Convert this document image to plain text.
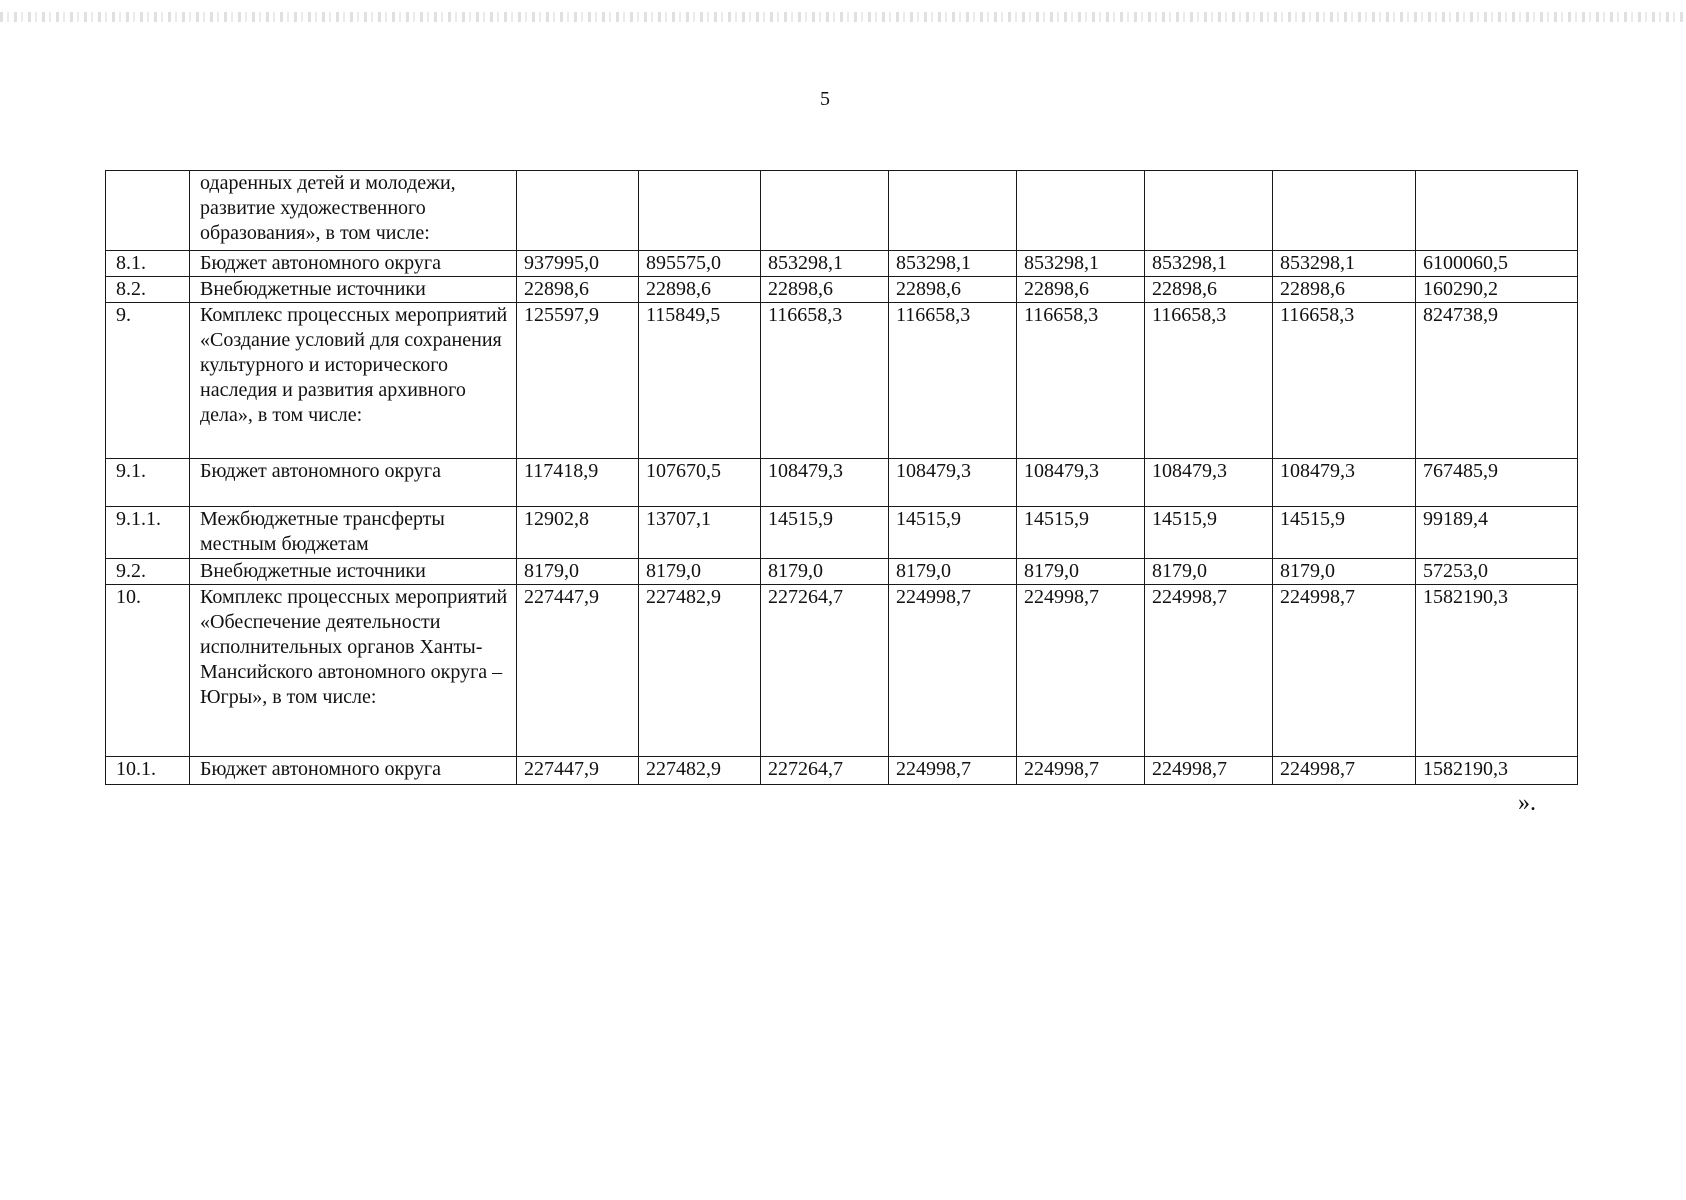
5
	одаренных детей и молодежи, развитие художественного образования», в том числе:								
8.1.	Бюджет автономного округа	937995,0	895575,0	853298,1	853298,1	853298,1	853298,1	853298,1	6100060,5
8.2.	Внебюджетные источники	22898,6	22898,6	22898,6	22898,6	22898,6	22898,6	22898,6	160290,2
9.	Комплекс процессных мероприятий «Создание условий для сохранения культурного и исторического наследия и развития архивного дела», в том числе:	125597,9	115849,5	116658,3	116658,3	116658,3	116658,3	116658,3	824738,9
9.1.	Бюджет автономного округа	117418,9	107670,5	108479,3	108479,3	108479,3	108479,3	108479,3	767485,9
9.1.1.	Межбюджетные трансферты местным бюджетам	12902,8	13707,1	14515,9	14515,9	14515,9	14515,9	14515,9	99189,4
9.2.	Внебюджетные источники	8179,0	8179,0	8179,0	8179,0	8179,0	8179,0	8179,0	57253,0
10.	Комплекс процессных мероприятий «Обеспечение деятельности исполнительных органов Ханты-Мансийского автономного округа – Югры», в том числе:	227447,9	227482,9	227264,7	224998,7	224998,7	224998,7	224998,7	1582190,3
10.1.	Бюджет автономного округа	227447,9	227482,9	227264,7	224998,7	224998,7	224998,7	224998,7	1582190,3
».
